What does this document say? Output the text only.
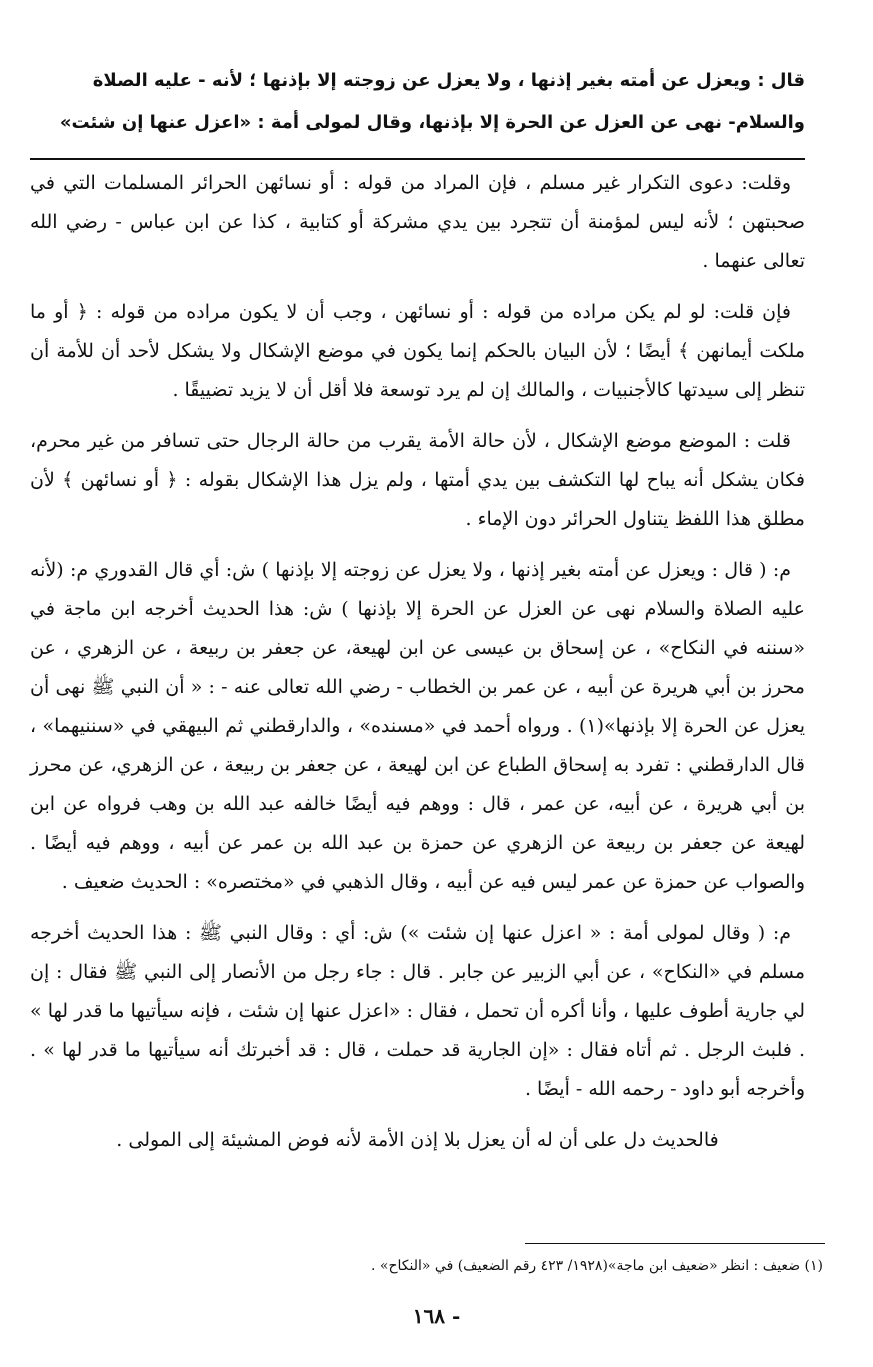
قال : ويعزل عن أمته بغير إذنها ، ولا يعزل عن زوجته إلا بإذنها ؛ لأنه - عليه الصلاة والسلام- نهى عن العزل عن الحرة إلا بإذنها، وقال لمولى أمة : «اعزل عنها إن شئت»

وقلت: دعوى التكرار غير مسلم ، فإن المراد من قوله : أو نسائهن الحرائر المسلمات التي في صحبتهن ؛ لأنه ليس لمؤمنة أن تتجرد بين يدي مشركة أو كتابية ، كذا عن ابن عباس - رضي الله تعالى عنهما .

فإن قلت: لو لم يكن مراده من قوله : أو نسائهن ، وجب أن لا يكون مراده من قوله : ﴿ أو ما ملكت أيمانهن ﴾ أيضًا ؛ لأن البيان بالحكم إنما يكون في موضع الإشكال ولا يشكل لأحد أن للأمة أن تنظر إلى سيدتها كالأجنبيات ، والمالك إن لم يرد توسعة فلا أقل أن لا يزيد تضييقًا .

قلت : الموضع موضع الإشكال ، لأن حالة الأمة يقرب من حالة الرجال حتى تسافر من غير محرم، فكان يشكل أنه يباح لها التكشف بين يدي أمتها ، ولم يزل هذا الإشكال بقوله : ﴿ أو نسائهن ﴾ لأن مطلق هذا اللفظ يتناول الحرائر دون الإماء .

م: ( قال : ويعزل عن أمته بغير إذنها ، ولا يعزل عن زوجته إلا بإذنها ) ش: أي قال القدوري م: (لأنه عليه الصلاة والسلام نهى عن العزل عن الحرة إلا بإذنها ) ش: هذا الحديث أخرجه ابن ماجة في «سننه في النكاح» ، عن إسحاق بن عيسى عن ابن لهيعة، عن جعفر بن ربيعة ، عن الزهري ، عن محرز بن أبي هريرة عن أبيه ، عن عمر بن الخطاب - رضي الله تعالى عنه - : « أن النبي ﷺ نهى أن يعزل عن الحرة إلا بإذنها»(١) . ورواه أحمد في «مسنده» ، والدارقطني ثم البيهقي في «سننيهما» ، قال الدارقطني : تفرد به إسحاق الطباع عن ابن لهيعة ، عن جعفر بن ربيعة ، عن الزهري، عن محرز بن أبي هريرة ، عن أبيه، عن عمر ، قال : ووهم فيه أيضًا خالفه عبد الله بن وهب فرواه عن ابن لهيعة عن جعفر بن ربيعة عن الزهري عن حمزة بن عبد الله بن عمر عن أبيه ، ووهم فيه أيضًا . والصواب عن حمزة عن عمر ليس فيه عن أبيه ، وقال الذهبي في «مختصره» : الحديث ضعيف .

م: ( وقال لمولى أمة : « اعزل عنها إن شئت ») ش: أي : وقال النبي ﷺ : هذا الحديث أخرجه مسلم في «النكاح» ، عن أبي الزبير عن جابر . قال : جاء رجل من الأنصار إلى النبي ﷺ فقال : إن لي جارية أطوف عليها ، وأنا أكره أن تحمل ، فقال : «اعزل عنها إن شئت ، فإنه سيأتيها ما قدر لها » . فلبث الرجل . ثم أتاه فقال : «إن الجارية قد حملت ، قال : قد أخبرتك أنه سيأتيها ما قدر لها » . وأخرجه أبو داود - رحمه الله - أيضًا .

فالحديث دل على أن له أن يعزل بلا إذن الأمة لأنه فوض المشيئة إلى المولى .

(١) ضعيف : انظر «ضعيف ابن ماجة»(١٩٢٨/ ٤٢٣ رقم الضعيف) في «النكاح» .

- ١٦٨
